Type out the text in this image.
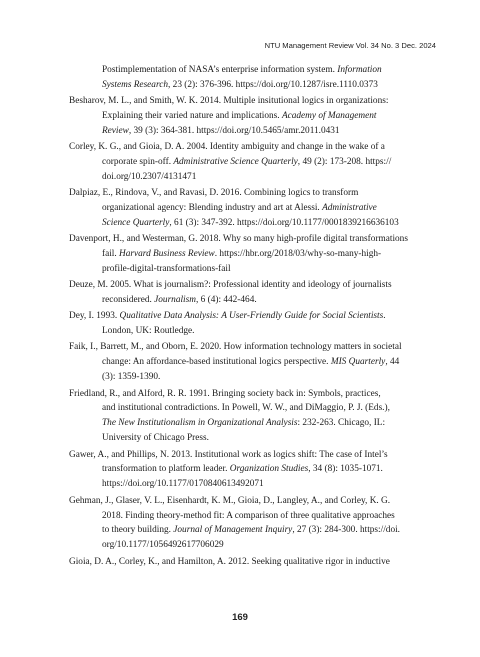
NTU Management Review Vol. 34 No. 3 Dec. 2024
Postimplementation of NASA’s enterprise information system. Information
Systems Research, 23 (2): 376-396. https://doi.org/10.1287/isre.1110.0373
Besharov, M. L., and Smith, W. K. 2014. Multiple insitutional logics in organizations:
Explaining their varied nature and implications. Academy of Management
Review, 39 (3): 364-381. https://doi.org/10.5465/amr.2011.0431
Corley, K. G., and Gioia, D. A. 2004. Identity ambiguity and change in the wake of a
corporate spin-off. Administrative Science Quarterly, 49 (2): 173-208. https://
doi.org/10.2307/4131471
Dalpiaz, E., Rindova, V., and Ravasi, D. 2016. Combining logics to transform
organizational agency: Blending industry and art at Alessi. Administrative
Science Quarterly, 61 (3): 347-392. https://doi.org/10.1177/0001839216636103
Davenport, H., and Westerman, G. 2018. Why so many high-profile digital transformations
fail. Harvard Business Review. https://hbr.org/2018/03/why-so-many-high-
profile-digital-transformations-fail
Deuze, M. 2005. What is journalism?: Professional identity and ideology of journalists
reconsidered. Journalism, 6 (4): 442-464.
Dey, I. 1993. Qualitative Data Analysis: A User-Friendly Guide for Social Scientists.
London, UK: Routledge.
Faik, I., Barrett, M., and Oborn, E. 2020. How information technology matters in societal
change: An affordance-based institutional logics perspective. MIS Quarterly, 44
(3): 1359-1390.
Friedland, R., and Alford, R. R. 1991. Bringing society back in: Symbols, practices,
and institutional contradictions. In Powell, W. W., and DiMaggio, P. J. (Eds.),
The New Institutionalism in Organizational Analysis: 232-263. Chicago, IL:
University of Chicago Press.
Gawer, A., and Phillips, N. 2013. Institutional work as logics shift: The case of Intel’s
transformation to platform leader. Organization Studies, 34 (8): 1035-1071.
https://doi.org/10.1177/0170840613492071
Gehman, J., Glaser, V. L., Eisenhardt, K. M., Gioia, D., Langley, A., and Corley, K. G.
2018. Finding theory-method fit: A comparison of three qualitative approaches
to theory building. Journal of Management Inquiry, 27 (3): 284-300. https://doi.
org/10.1177/1056492617706029
Gioia, D. A., Corley, K., and Hamilton, A. 2012. Seeking qualitative rigor in inductive
169
